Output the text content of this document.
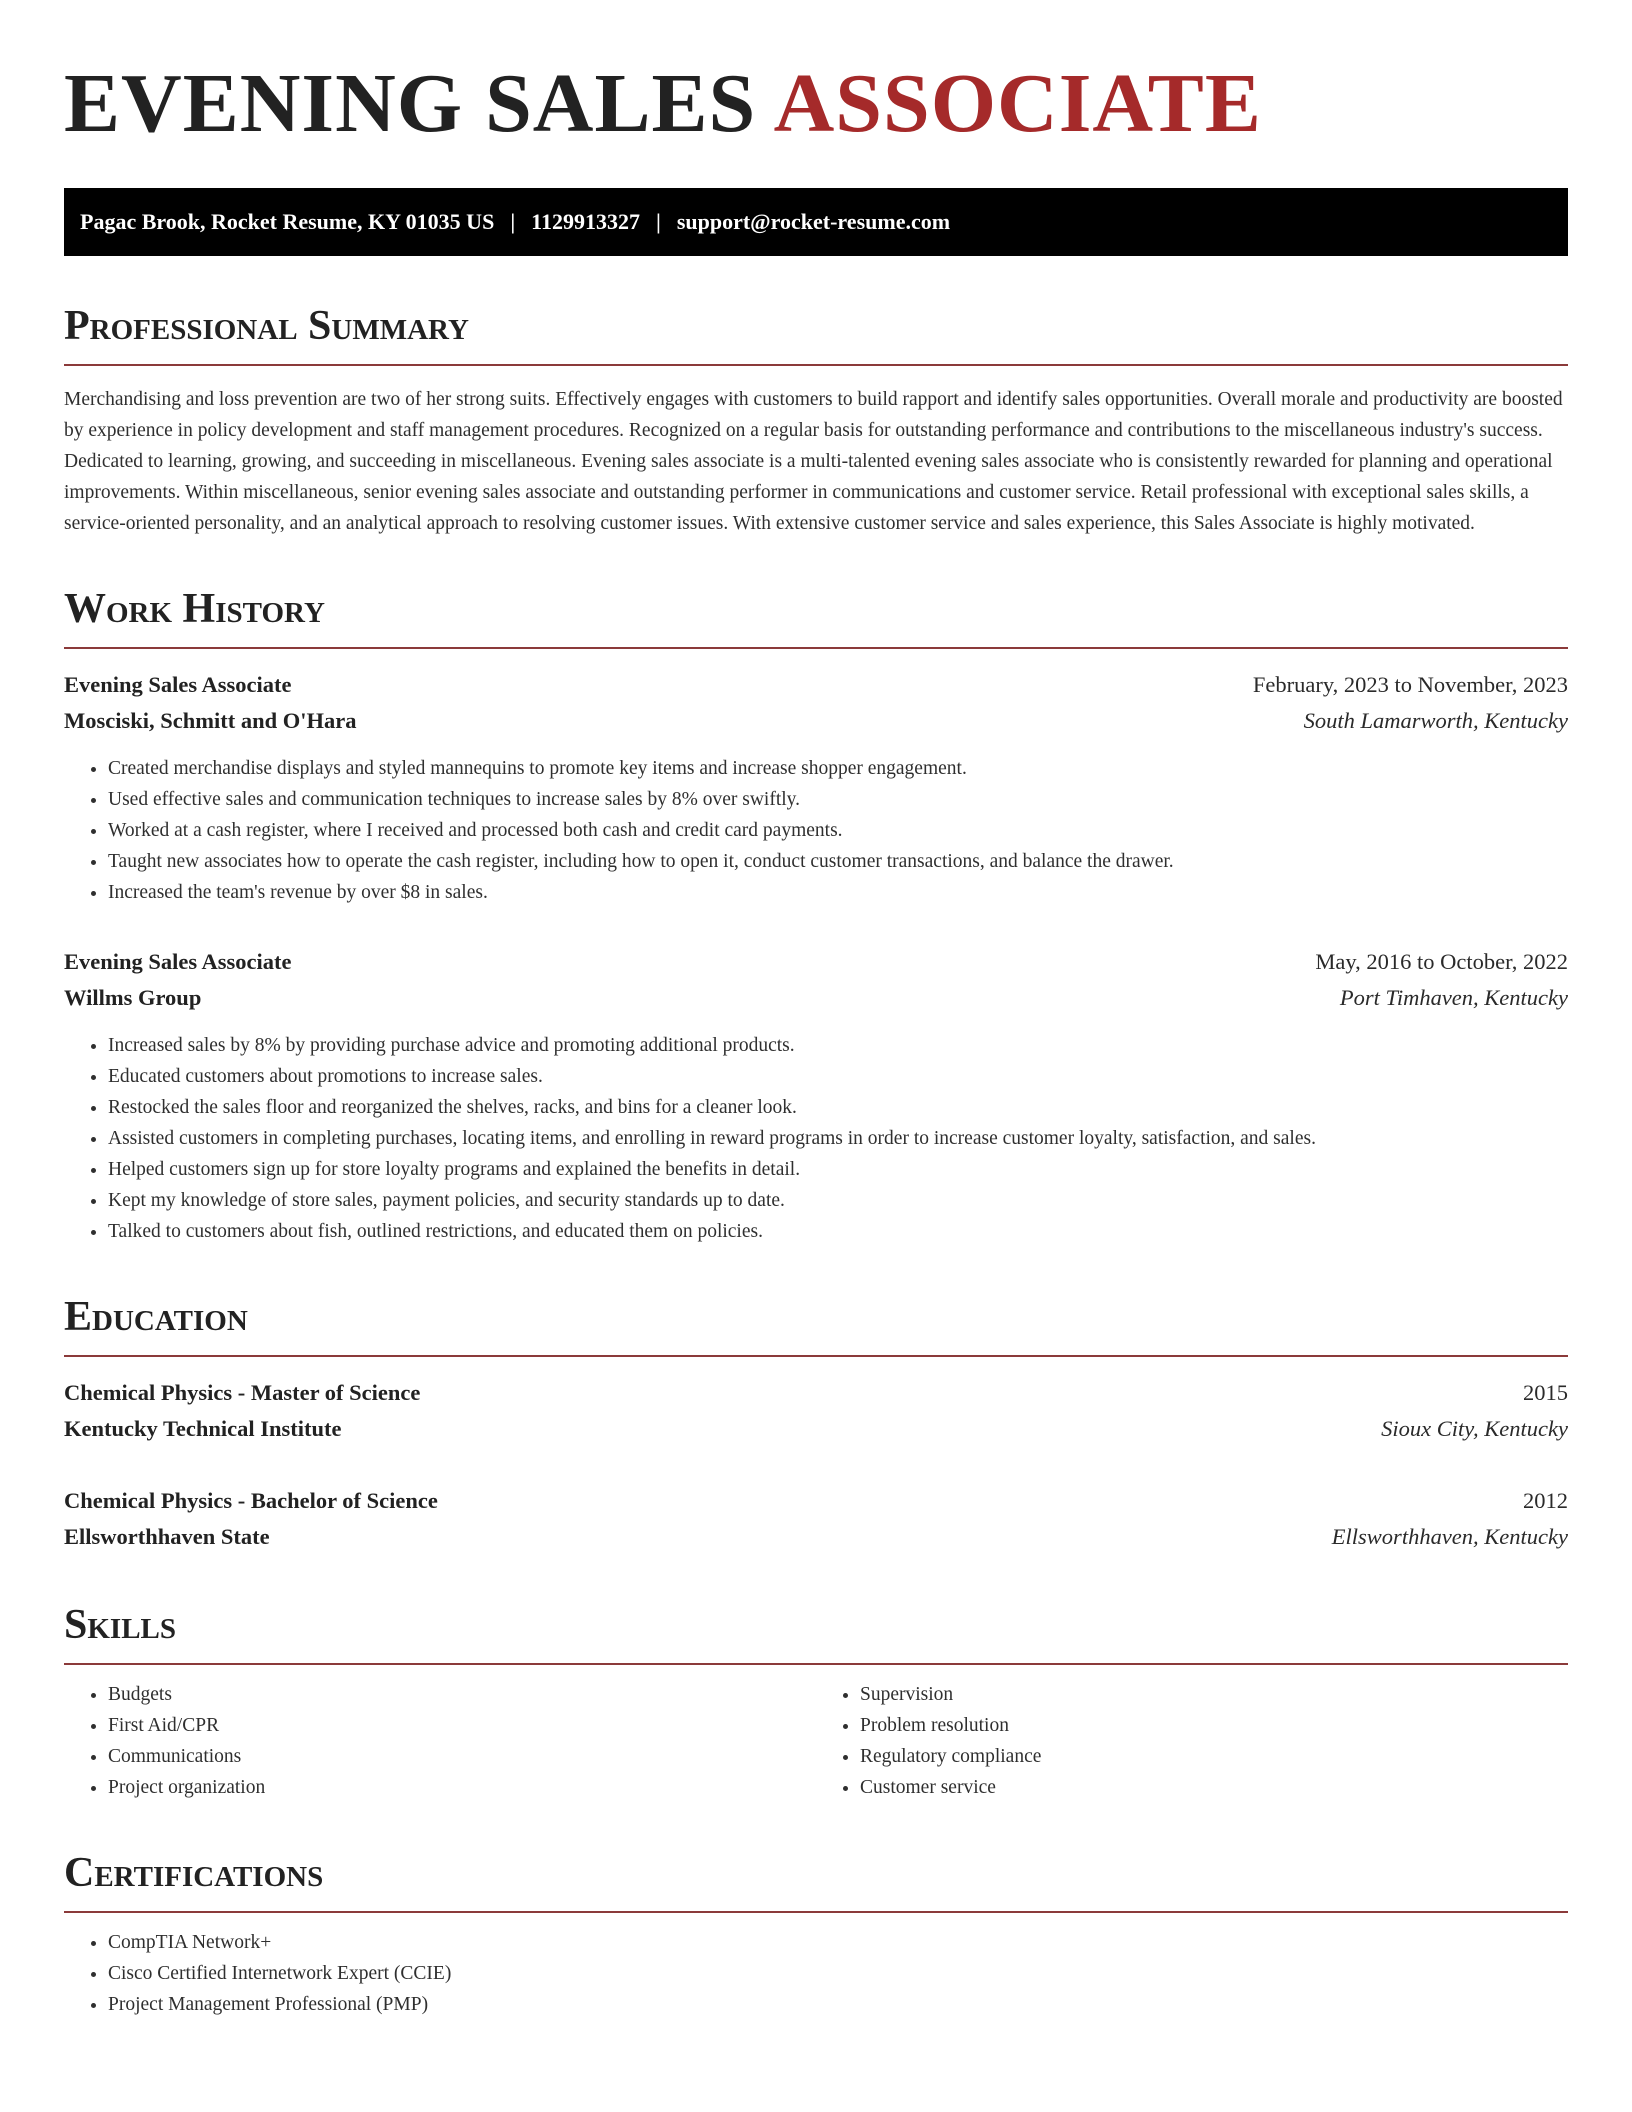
EVENING SALES ASSOCIATE
Pagac Brook, Rocket Resume, KY 01035 US | 1129913327 | support@rocket-resume.com
Professional Summary

Merchandising and loss prevention are two of her strong suits. Effectively engages with customers to build rapport and identify sales opportunities. Overall morale and productivity are boosted by experience in policy development and staff management procedures. Recognized on a regular basis for outstanding performance and contributions to the miscellaneous industry's success. Dedicated to learning, growing, and succeeding in miscellaneous. Evening sales associate is a multi-talented evening sales associate who is consistently rewarded for planning and operational improvements. Within miscellaneous, senior evening sales associate and outstanding performer in communications and customer service. Retail professional with exceptional sales skills, a service-oriented personality, and an analytical approach to resolving customer issues. With extensive customer service and sales experience, this Sales Associate is highly motivated.

Work History
Evening Sales Associate	February, 2023 to November, 2023
Mosciski, Schmitt and O'Hara	South Lamarworth, Kentucky
• Created merchandise displays and styled mannequins to promote key items and increase shopper engagement.
• Used effective sales and communication techniques to increase sales by 8% over swiftly.
• Worked at a cash register, where I received and processed both cash and credit card payments.
• Taught new associates how to operate the cash register, including how to open it, conduct customer transactions, and balance the drawer.
• Increased the team's revenue by over $8 in sales.
Evening Sales Associate	May, 2016 to October, 2022
Willms Group	Port Timhaven, Kentucky
• Increased sales by 8% by providing purchase advice and promoting additional products.
• Educated customers about promotions to increase sales.
• Restocked the sales floor and reorganized the shelves, racks, and bins for a cleaner look.
• Assisted customers in completing purchases, locating items, and enrolling in reward programs in order to increase customer loyalty, satisfaction, and sales.
• Helped customers sign up for store loyalty programs and explained the benefits in detail.
• Kept my knowledge of store sales, payment policies, and security standards up to date.
• Talked to customers about fish, outlined restrictions, and educated them on policies.
Education
Chemical Physics - Master of Science	2015
Kentucky Technical Institute	Sioux City, Kentucky
Chemical Physics - Bachelor of Science	2012
Ellsworthhaven State	Ellsworthhaven, Kentucky
Skills
• Budgets
• First Aid/CPR
• Communications
• Project organization
• Supervision
• Problem resolution
• Regulatory compliance
• Customer service
Certifications
• CompTIA Network+
• Cisco Certified Internetwork Expert (CCIE)
• Project Management Professional (PMP)
